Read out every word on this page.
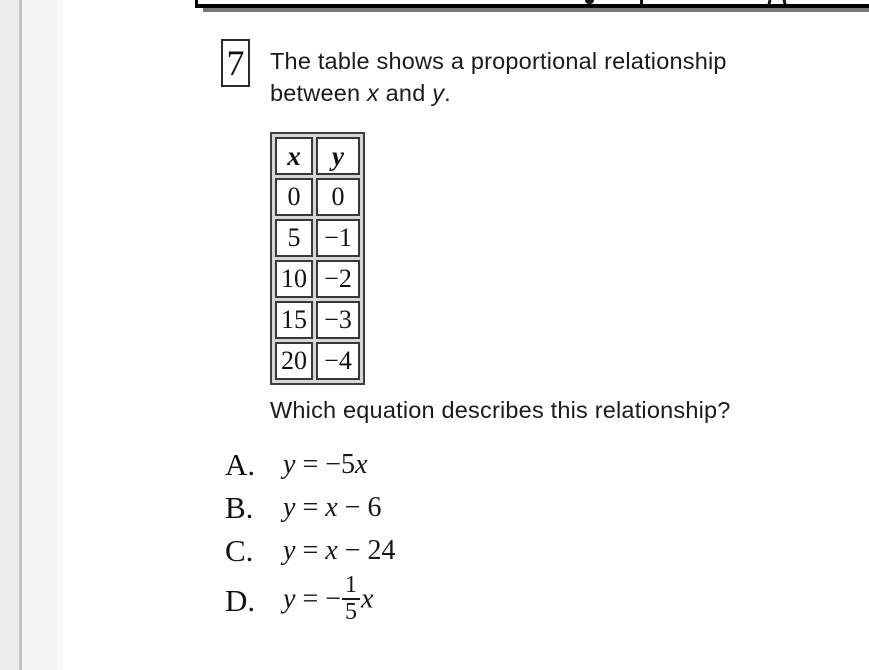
7 The table shows a proportional relationship
between x and y.
x	y
0	0
5	−1
10	−2
15	−3
20	−4
Which equation describes this relationship?
A. y = −5x
B.	y = x − 6
C.	y = x − 24
D. y = − $\frac{1}{5}$ x
